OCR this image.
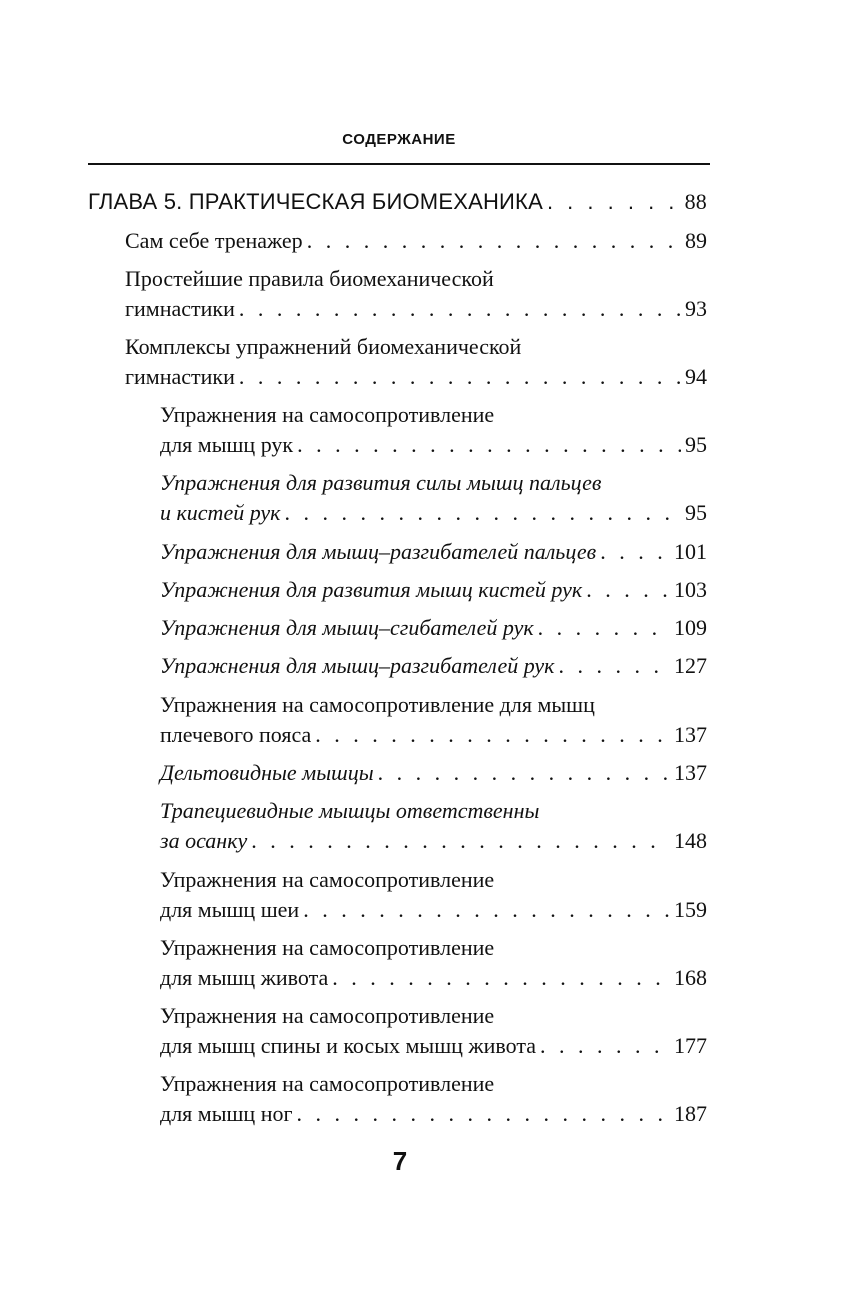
СОДЕРЖАНИЕ
ГЛАВА 5. ПРАКТИЧЕСКАЯ БИОМЕХАНИКА . . .	88
Сам себе тренажер . . .	89
Простейшие правила биомеханической
гимнастики . . .	93
Комплексы упражнений биомеханической
гимнастики . . .	94
Упражнения на самосопротивление
для мышц рук . . .	95
Упражнения для развития силы мышц пальцев
и кистей рук . . .	95
Упражнения для мышц–разгибателей пальцев . . .	101
Упражнения для развития мышц кистей рук . . .	103
Упражнения для мышц–сгибателей рук . . .	109
Упражнения для мышц–разгибателей рук . . .	127
Упражнения на самосопротивление для мышц
плечевого пояса . . .	137
Дельтовидные мышцы . . .	137
Трапециевидные мышцы ответственны
за осанку . . .	148
Упражнения на самосопротивление
для мышц шеи . . .	159
Упражнения на самосопротивление
для мышц живота . . .	168
Упражнения на самосопротивление
для мышц спины и косых мышц живота . . .	177
Упражнения на самосопротивление
для мышц ног . . .	187
7
